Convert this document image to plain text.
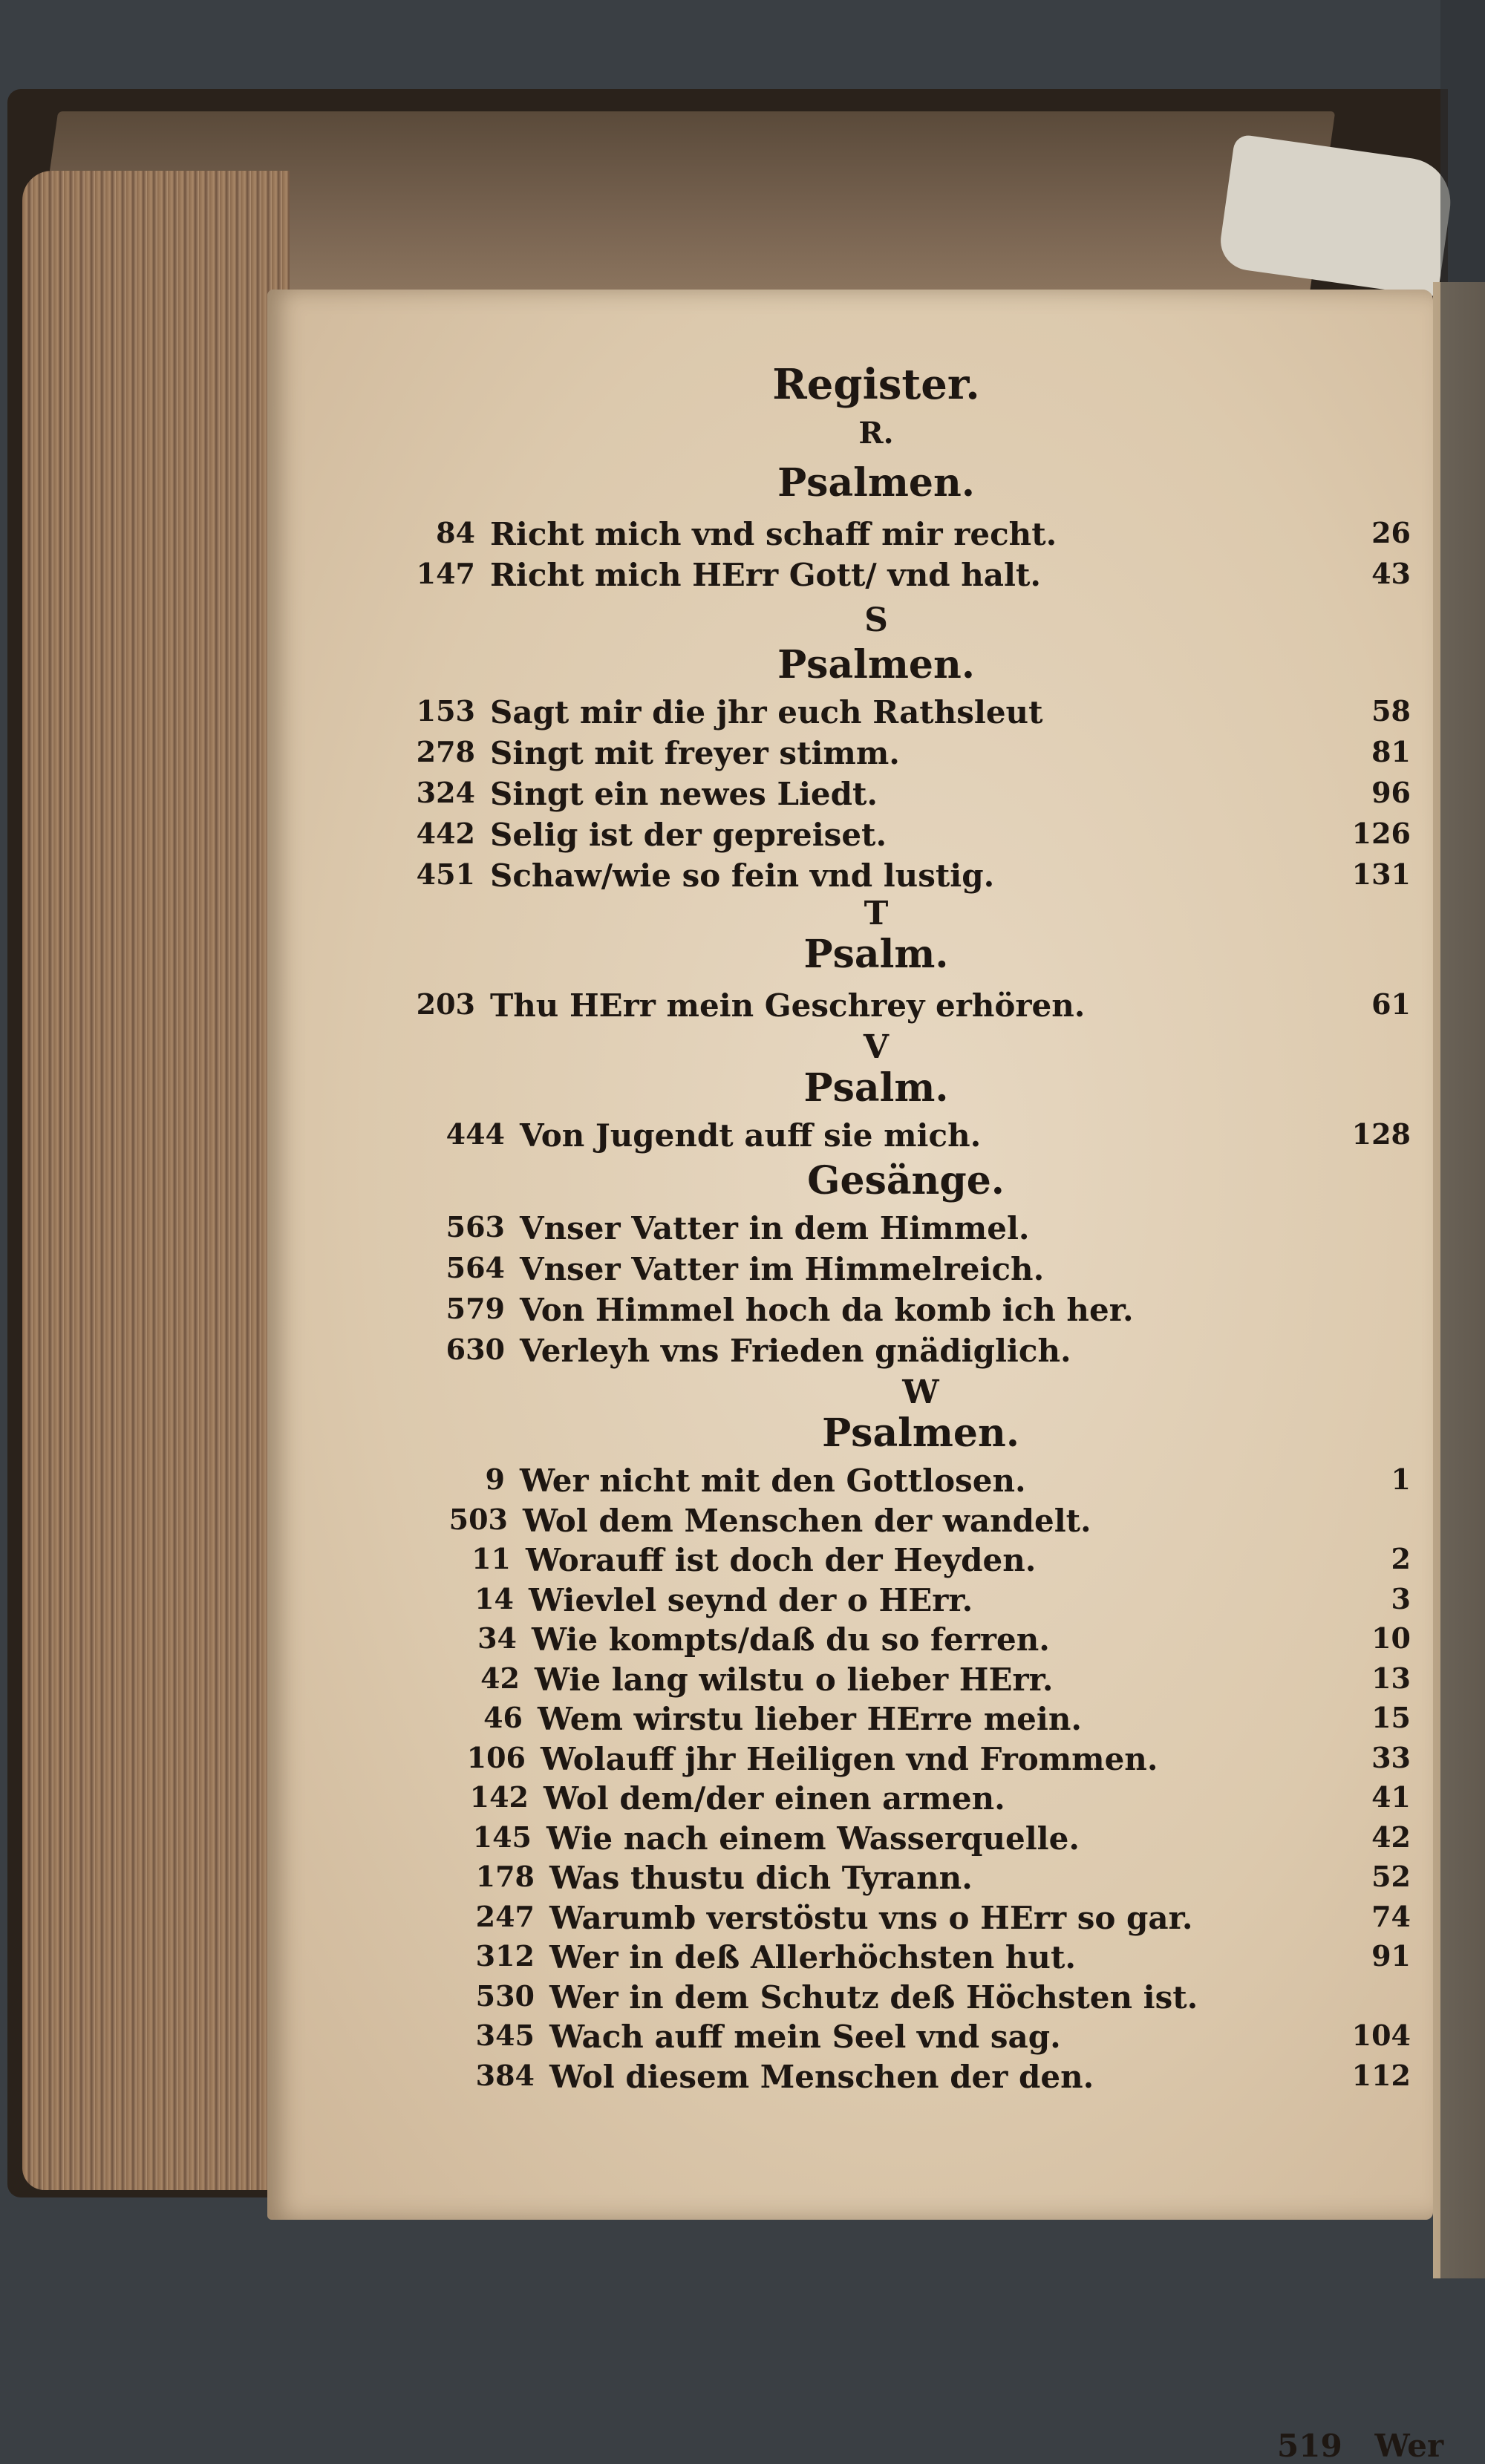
Register.
R.
Psalmen.
84 Richt mich vnd schaff mir recht.	26
147 Richt mich HErr Gott/ vnd halt.	43
S
Psalmen.
153 Sagt mir die jhr euch Rathsleut	58
278 Singt mit freyer stimm.	81
324 Singt ein newes Liedt.	96
442 Selig ist der gepreiset.	126
451 Schaw/wie so fein vnd lustig.	131
T
Psalm.
203 Thu HErr mein Geschrey erhören.	61
V
Psalm.
444 Von Jugendt auff sie mich.	128
Gesänge.
563 Vnser Vatter in dem Himmel.
564 Vnser Vatter im Himmelreich.
579 Von Himmel hoch da komb ich her.
630 Verleyh vns Frieden gnädiglich.
W
Psalmen.
9 Wer nicht mit den Gottlosen.	1
503 Wol dem Menschen der wandelt.
11 Worauff ist doch der Heyden.	2
14 Wievlel seynd der o HErr.	3
34 Wie kompts/daß du so ferren.	10
42 Wie lang wilstu o lieber HErr.	13
46 Wem wirstu lieber HErre mein.	15
106 Wolauff jhr Heiligen vnd Frommen.	33
142 Wol dem/der einen armen.	41
145 Wie nach einem Wasserquelle.	42
178 Was thustu dich Tyrann.	52
247 Warumb verstöstu vns o HErr so gar.	74
312 Wer in deß Allerhöchsten hut.	91
530 Wer in dem Schutz deß Höchsten ist.
345 Wach auff mein Seel vnd sag.	104
384 Wol diesem Menschen der den.	112
519 Wer
